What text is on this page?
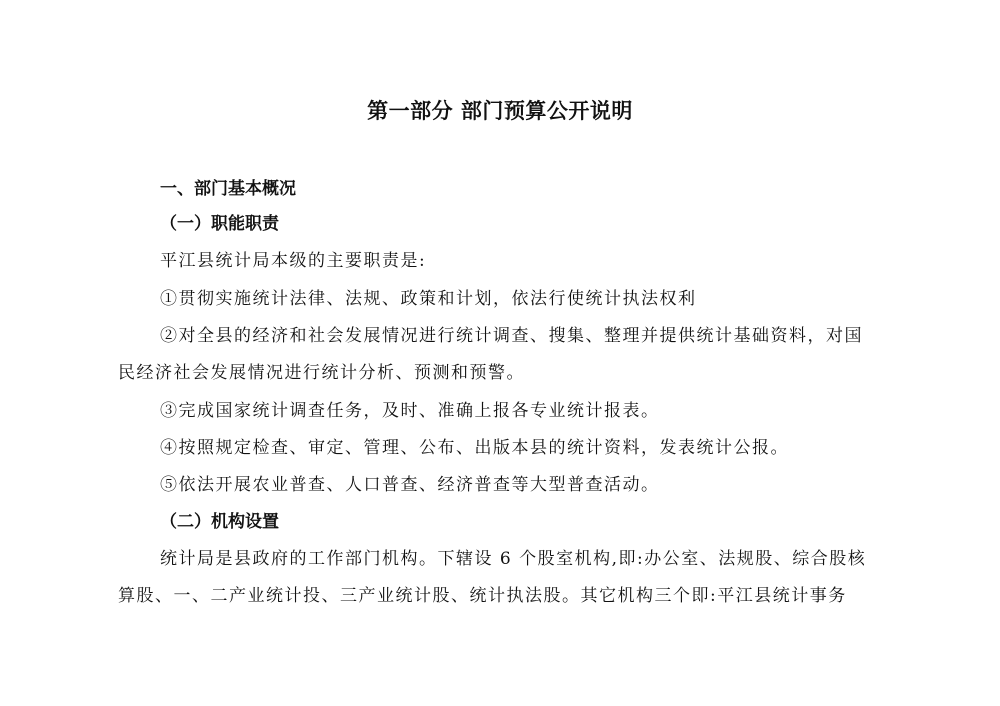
第一部分 部门预算公开说明
一、部门基本概况
（一）职能职责
平江县统计局本级的主要职责是:
①贯彻实施统计法律、法规、政策和计划，依法行使统计执法权利
②对全县的经济和社会发展情况进行统计调查、搜集、整理并提供统计基础资料，对国
民经济社会发展情况进行统计分析、预测和预警。
③完成国家统计调查任务，及时、准确上报各专业统计报表。
④按照规定检查、审定、管理、公布、出版本县的统计资料，发表统计公报。
⑤依法开展农业普查、人口普查、经济普查等大型普查活动。
（二）机构设置
统计局是县政府的工作部门机构。下辖设 6 个股室机构,即:办公室、法规股、综合股核
算股、一、二产业统计投、三产业统计股、统计执法股。其它机构三个即:平江县统计事务
